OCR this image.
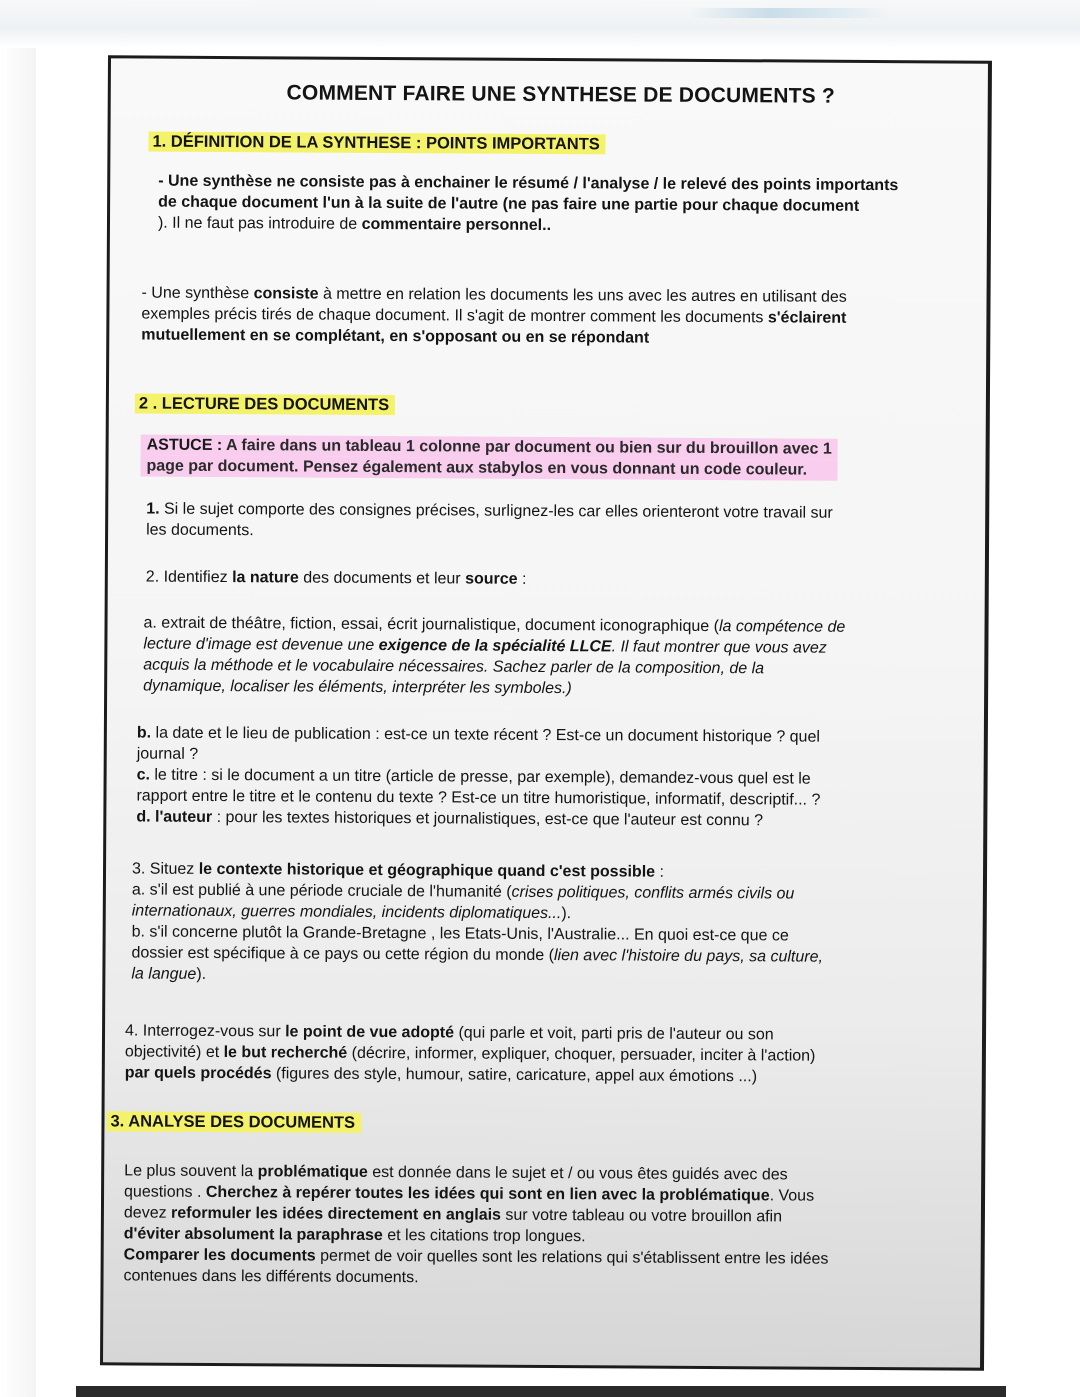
COMMENT FAIRE UNE SYNTHESE DE DOCUMENTS ?
1. DÉFINITION DE LA SYNTHESE : POINTS IMPORTANTS
- Une synthèse ne consiste pas à enchainer le résumé / l'analyse / le relevé des points importants
de chaque document l'un à la suite de l'autre (ne pas faire une partie pour chaque document
). Il ne faut pas introduire de commentaire personnel..
- Une synthèse consiste à mettre en relation les documents les uns avec les autres en utilisant des
exemples précis tirés de chaque document. Il s'agit de montrer comment les documents s'éclairent
mutuellement en se complétant, en s'opposant ou en se répondant
2 . LECTURE DES DOCUMENTS
ASTUCE : A faire dans un tableau 1 colonne par document ou bien sur du brouillon avec 1
page par document. Pensez également aux stabylos en vous donnant un code couleur.
1. Si le sujet comporte des consignes précises, surlignez-les car elles orienteront votre travail sur
les documents.
2. Identifiez la nature des documents et leur source :
a. extrait de théâtre, fiction, essai, écrit journalistique, document iconographique (la compétence de
lecture d'image est devenue une exigence de la spécialité LLCE. Il faut montrer que vous avez
acquis la méthode et le vocabulaire nécessaires. Sachez parler de la composition, de la
dynamique, localiser les éléments, interpréter les symboles.)
b. la date et le lieu de publication : est-ce un texte récent ? Est-ce un document historique ? quel
journal ?
c. le titre : si le document a un titre (article de presse, par exemple), demandez-vous quel est le
rapport entre le titre et le contenu du texte ? Est-ce un titre humoristique, informatif, descriptif... ?
d. l'auteur : pour les textes historiques et journalistiques, est-ce que l'auteur est connu ?
3. Situez le contexte historique et géographique quand c'est possible :
a. s'il est publié à une période cruciale de l'humanité (crises politiques, conflits armés civils ou
internationaux, guerres mondiales, incidents diplomatiques...).
b. s'il concerne plutôt la Grande-Bretagne , les Etats-Unis, l'Australie... En quoi est-ce que ce
dossier est spécifique à ce pays ou cette région du monde (lien avec l'histoire du pays, sa culture,
la langue).
4. Interrogez-vous sur le point de vue adopté (qui parle et voit, parti pris de l'auteur ou son
objectivité) et le but recherché (décrire, informer, expliquer, choquer, persuader, inciter à l'action)
par quels procédés (figures des style, humour, satire, caricature, appel aux émotions ...)
3. ANALYSE DES DOCUMENTS
Le plus souvent la problématique est donnée dans le sujet et / ou vous êtes guidés avec des
questions . Cherchez à repérer toutes les idées qui sont en lien avec la problématique. Vous
devez reformuler les idées directement en anglais sur votre tableau ou votre brouillon afin
d'éviter absolument la paraphrase et les citations trop longues.
Comparer les documents permet de voir quelles sont les relations qui s'établissent entre les idées
contenues dans les différents documents.
